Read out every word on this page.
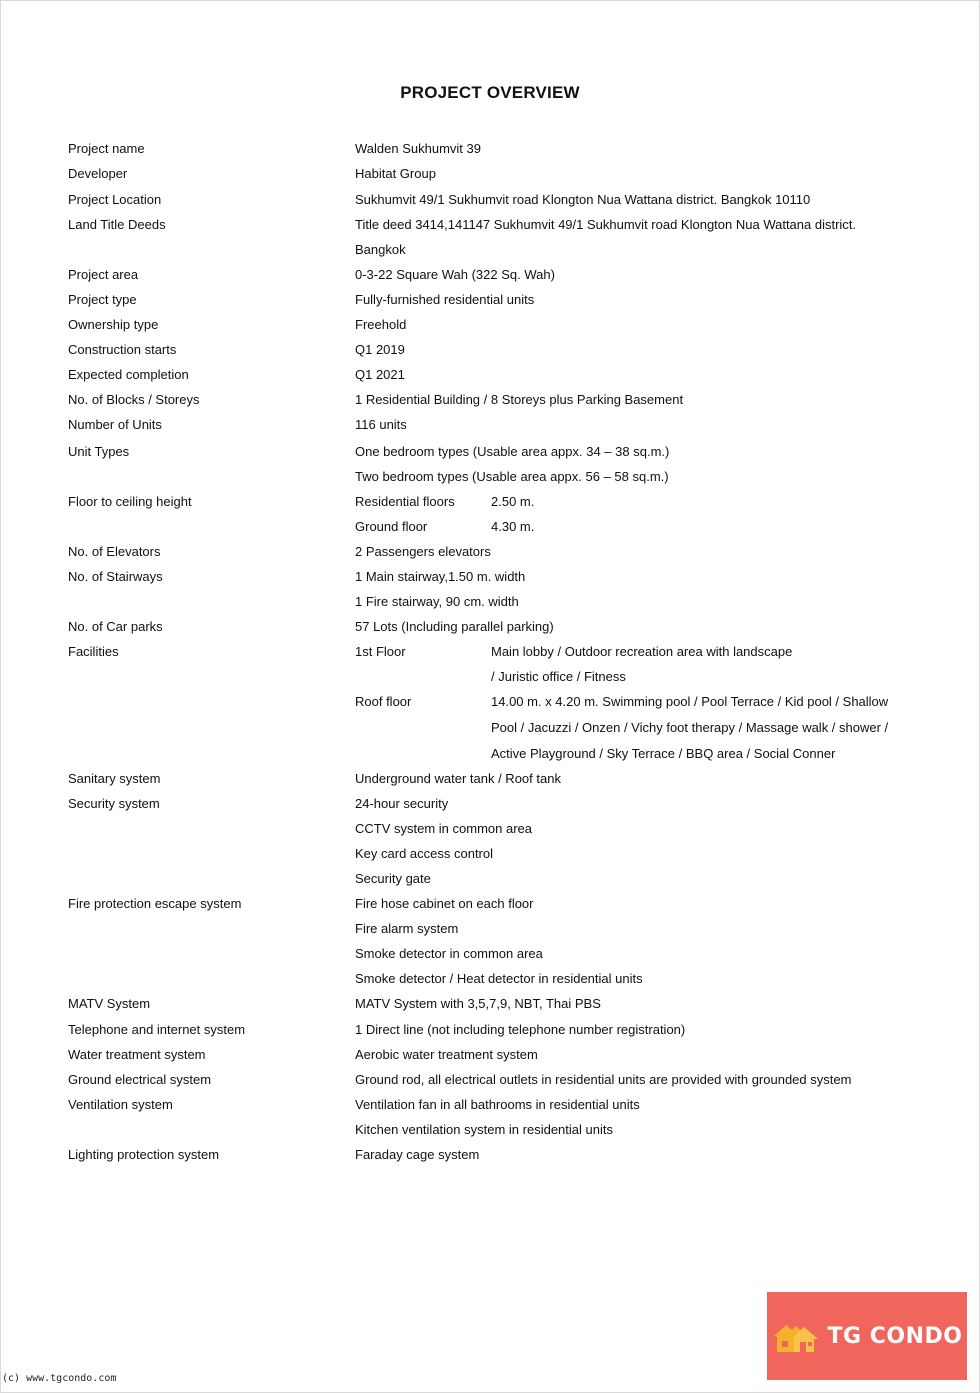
PROJECT OVERVIEW
Project name	Walden Sukhumvit 39
Developer	Habitat Group
Project Location	Sukhumvit 49/1 Sukhumvit road Klongton Nua Wattana district. Bangkok 10110
Land Title Deeds	Title deed 3414,141147 Sukhumvit 49/1 Sukhumvit road Klongton Nua Wattana district.
Bangkok
Project area	0-3-22 Square Wah (322 Sq. Wah)
Project type	Fully-furnished residential units
Ownership type	Freehold
Construction starts	Q1 2019
Expected completion	Q1 2021
No. of Blocks / Storeys	1 Residential Building / 8 Storeys plus Parking Basement
Number of Units	116 units
Unit Types	One bedroom types (Usable area appx. 34 – 38 sq.m.)
Two bedroom types (Usable area appx. 56 – 58 sq.m.)
Floor to ceiling height	Residential floors	2.50 m.
Ground floor	4.30 m.
No. of Elevators	2 Passengers elevators
No. of Stairways	1 Main stairway,1.50 m. width
1 Fire stairway, 90 cm. width
No. of Car parks	57 Lots (Including parallel parking)
Facilities	1st Floor	Main lobby / Outdoor recreation area with landscape
/ Juristic office / Fitness
Roof floor	14.00 m. x 4.20 m. Swimming pool / Pool Terrace / Kid pool / Shallow
Pool / Jacuzzi / Onzen / Vichy foot therapy / Massage walk / shower /
Active Playground / Sky Terrace / BBQ area / Social Conner
Sanitary system	Underground water tank / Roof tank
Security system	24-hour security
CCTV system in common area
Key card access control
Security gate
Fire protection escape system	Fire hose cabinet on each floor
Fire alarm system
Smoke detector in common area
Smoke detector / Heat detector in residential units
MATV System	MATV System with 3,5,7,9, NBT, Thai PBS
Telephone and internet system	1 Direct line (not including telephone number registration)
Water treatment system	Aerobic water treatment system
Ground electrical system	Ground rod, all electrical outlets in residential units are provided with grounded system
Ventilation system	Ventilation fan in all bathrooms in residential units
Kitchen ventilation system in residential units
Lighting protection system	Faraday cage system
TG CONDO
(c) www.tgcondo.com
